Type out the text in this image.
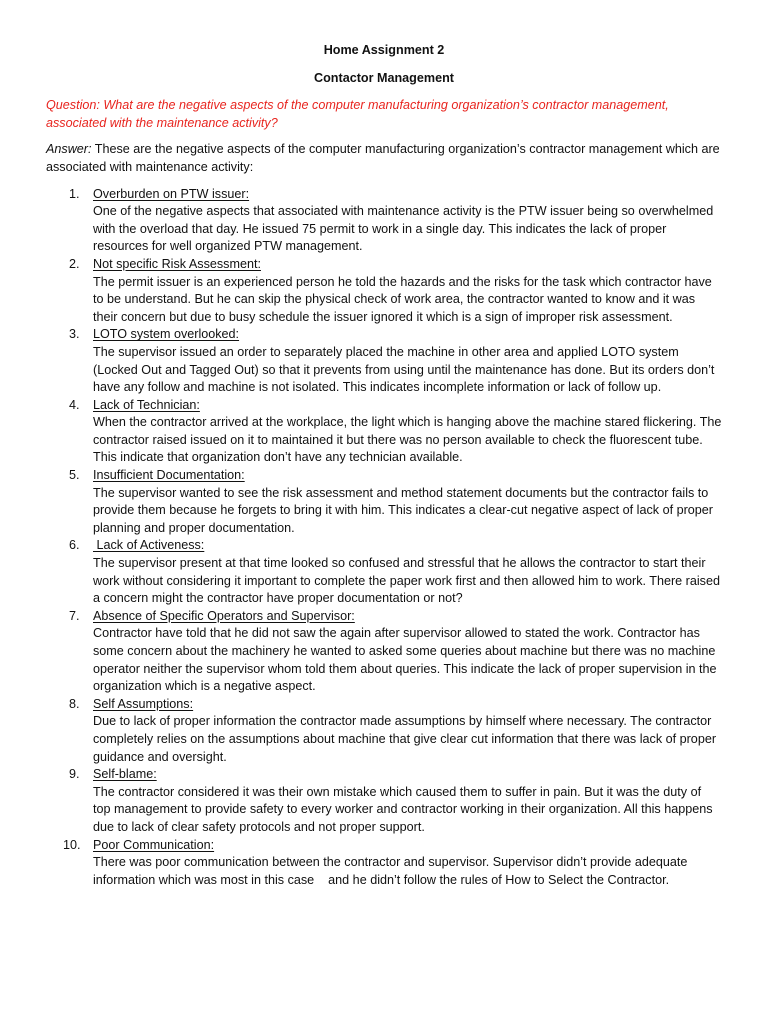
Home Assignment 2

Contactor Management

Question: What are the negative aspects of the computer manufacturing organization’s contractor management, associated with the maintenance activity?
Answer: These are the negative aspects of the computer manufacturing organization’s contractor management which are associated with maintenance activity:
1. Overburden on PTW issuer:
One of the negative aspects that associated with maintenance activity is the PTW issuer being so overwhelmed with the overload that day. He issued 75 permit to work in a single day. This indicates the lack of proper resources for well organized PTW management.
2. Not specific Risk Assessment:
The permit issuer is an experienced person he told the hazards and the risks for the task which contractor have to be understand. But he can skip the physical check of work area, the contractor wanted to know and it was their concern but due to busy schedule the issuer ignored it which is a sign of improper risk assessment.
3. LOTO system overlooked:
The supervisor issued an order to separately placed the machine in other area and applied LOTO system (Locked Out and Tagged Out) so that it prevents from using until the maintenance has done. But its orders don’t have any follow and machine is not isolated. This indicates incomplete information or lack of follow up.
4. Lack of Technician:
When the contractor arrived at the workplace, the light which is hanging above the machine stared flickering. The contractor raised issued on it to maintained it but there was no person available to check the fluorescent tube. This indicate that organization don’t have any technician available.
5. Insufficient Documentation:
The supervisor wanted to see the risk assessment and method statement documents but the contractor fails to provide them because he forgets to bring it with him. This indicates a clear-cut negative aspect of lack of proper planning and proper documentation.
6. Lack of Activeness:
The supervisor present at that time looked so confused and stressful that he allows the contractor to start their work without considering it important to complete the paper work first and then allowed him to work. There raised a concern might the contractor have proper documentation or not?
7. Absence of Specific Operators and Supervisor:
Contractor have told that he did not saw the again after supervisor allowed to stated the work. Contractor has some concern about the machinery he wanted to asked some queries about machine but there was no machine operator neither the supervisor whom told them about queries. This indicate the lack of proper supervision in the organization which is a negative aspect.
8. Self Assumptions:
Due to lack of proper information the contractor made assumptions by himself where necessary. The contractor completely relies on the assumptions about machine that give clear cut information that there was lack of proper guidance and oversight.
9. Self-blame:
The contractor considered it was their own mistake which caused them to suffer in pain. But it was the duty of top management to provide safety to every worker and contractor working in their organization. All this happens due to lack of clear safety protocols and not proper support.
10. Poor Communication:
There was poor communication between the contractor and supervisor. Supervisor didn’t provide adequate information which was most in this case    and he didn’t follow the rules of How to Select the Contractor.
